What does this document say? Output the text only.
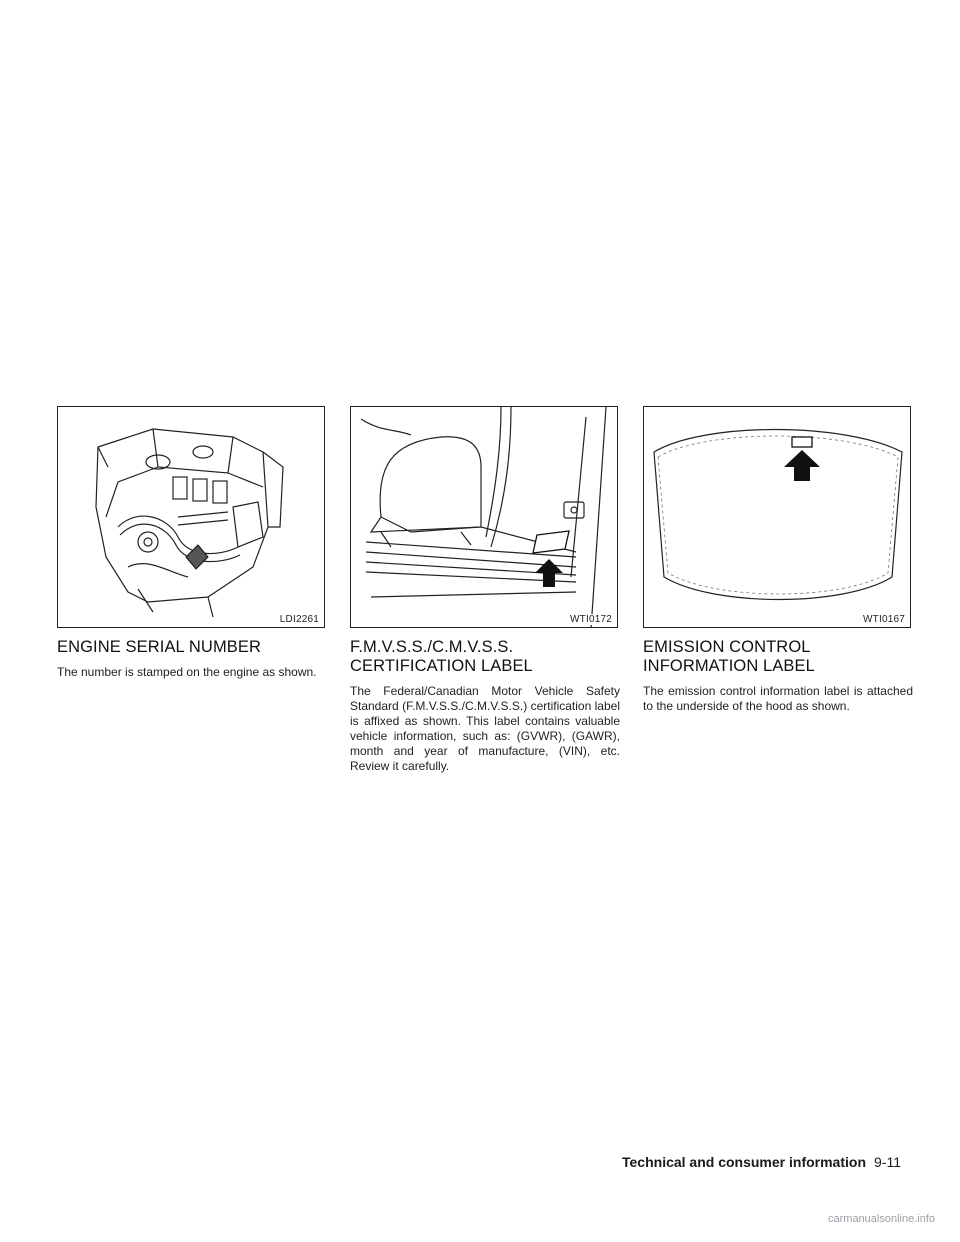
LDI2261
ENGINE SERIAL NUMBER

The number is stamped on the engine as shown.

WTI0172
F.M.V.S.S./C.M.V.S.S. CERTIFICATION LABEL

The Federal/Canadian Motor Vehicle Safety Standard (F.M.V.S.S./C.M.V.S.S.) certification label is affixed as shown. This label contains valuable vehicle information, such as: (GVWR), (GAWR), month and year of manufacture, (VIN), etc. Review it carefully.

WTI0167
EMISSION CONTROL INFORMATION LABEL

The emission control information label is attached to the underside of the hood as shown.

Technical and consumer information 9-11
carmanualsonline.info
